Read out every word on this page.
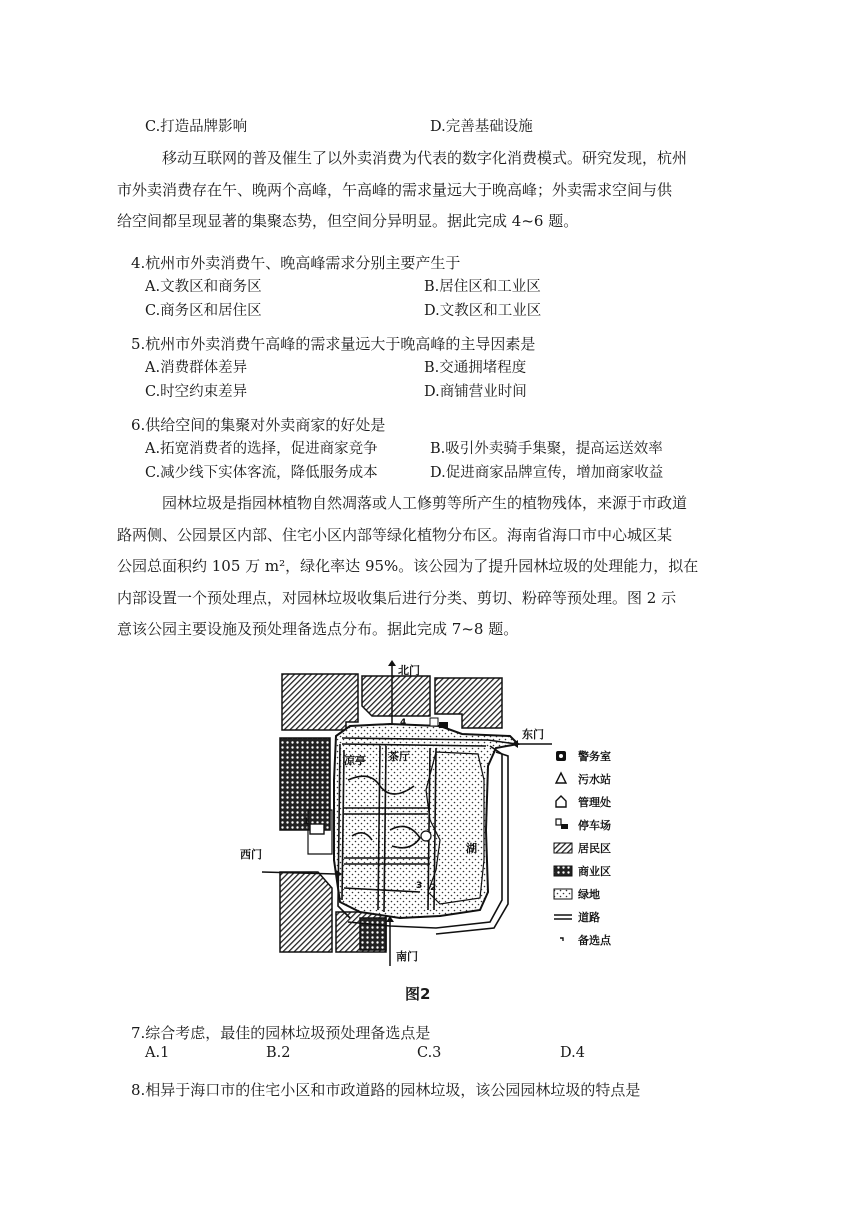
C.打造品牌影响	D.完善基础设施
移动互联网的普及催生了以外卖消费为代表的数字化消费模式。研究发现，杭州
市外卖消费存在午、晚两个高峰，午高峰的需求量远大于晚高峰；外卖需求空间与供
给空间都呈现显著的集聚态势，但空间分异明显。据此完成 4~6 题。
4.杭州市外卖消费午、晚高峰需求分别主要产生于
A.文教区和商务区	B.居住区和工业区
C.商务区和居住区	D.文教区和工业区
5.杭州市外卖消费午高峰的需求量远大于晚高峰的主导因素是
A.消费群体差异	B.交通拥堵程度
C.时空约束差异	D.商铺营业时间
6.供给空间的集聚对外卖商家的好处是
A.拓宽消费者的选择，促进商家竞争	B.吸引外卖骑手集聚，提高运送效率
C.减少线下实体客流，降低服务成本	D.促进商家品牌宣传，增加商家收益
园林垃圾是指园林植物自然凋落或人工修剪等所产生的植物残体，来源于市政道
路两侧、公园景区内部、住宅小区内部等绿化植物分布区。海南省海口市中心城区某
公园总面积约 105 万 m²，绿化率达 95%。该公园为了提升园林垃圾的处理能力，拟在
内部设置一个预处理点，对园林垃圾收集后进行分类、剪切、粉碎等预处理。图 2 示
意该公园主要设施及预处理备选点分布。据此完成 7~8 题。
1
2
3
4
北门
东门
西门
南门
凉亭 茶厅
湖
警务室
污水站
管理处
停车场
居民区
商业区
绿地
道路
备选点
图2
7.综合考虑，最佳的园林垃圾预处理备选点是
A.1	B.2	C.3	D.4
8.相异于海口市的住宅小区和市政道路的园林垃圾，该公园园林垃圾的特点是
